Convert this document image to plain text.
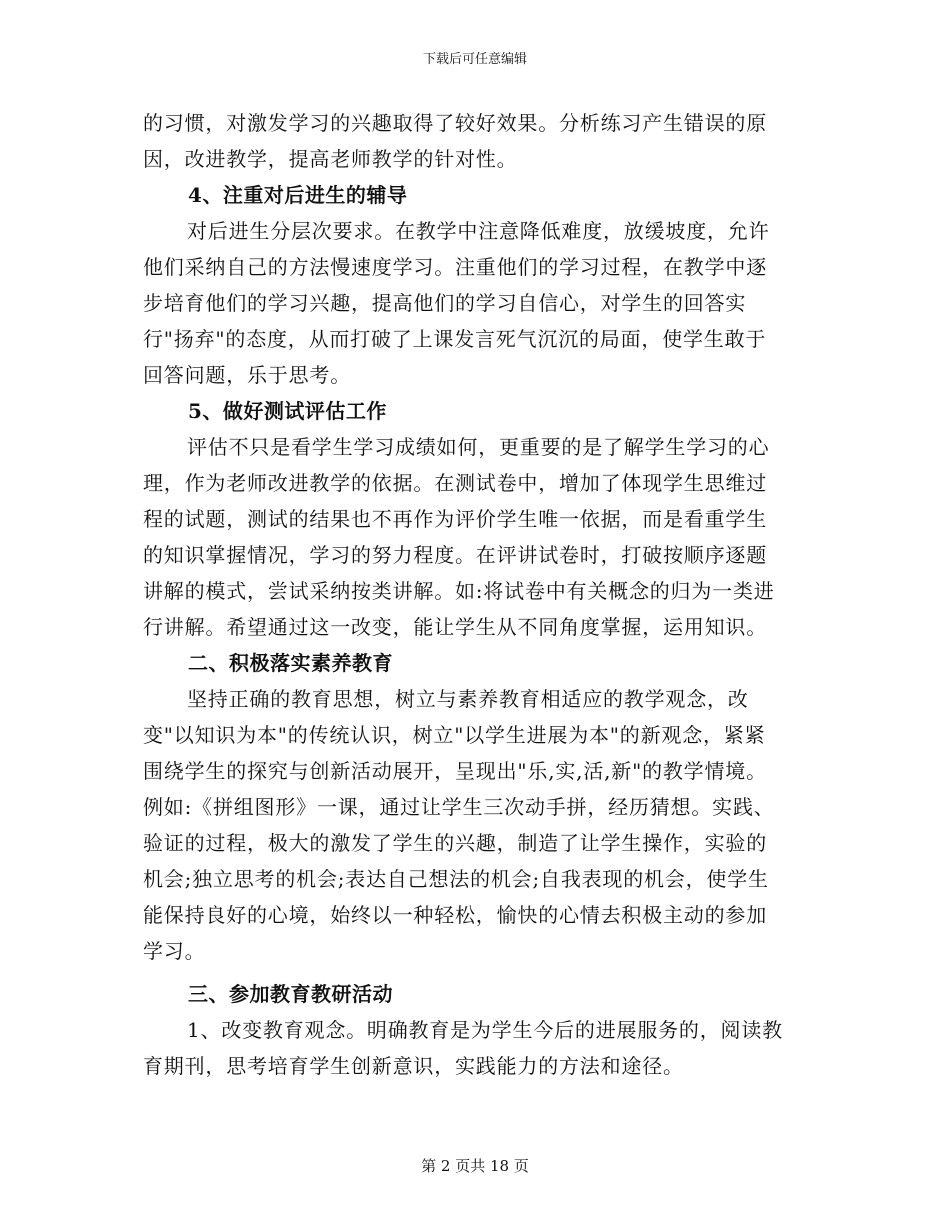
下载后可任意编辑
的习惯，对激发学习的兴趣取得了较好效果。分析练习产生错误的原
因，改进教学，提高老师教学的针对性。
4、注重对后进生的辅导
对后进生分层次要求。在教学中注意降低难度，放缓坡度，允许
他们采纳自己的方法慢速度学习。注重他们的学习过程，在教学中逐
步培育他们的学习兴趣，提高他们的学习自信心，对学生的回答实
行"扬弃"的态度，从而打破了上课发言死气沉沉的局面，使学生敢于
回答问题，乐于思考。
5、做好测试评估工作
评估不只是看学生学习成绩如何，更重要的是了解学生学习的心
理，作为老师改进教学的依据。在测试卷中，增加了体现学生思维过
程的试题，测试的结果也不再作为评价学生唯一依据，而是看重学生
的知识掌握情况，学习的努力程度。在评讲试卷时，打破按顺序逐题
讲解的模式，尝试采纳按类讲解。如:将试卷中有关概念的归为一类进
行讲解。希望通过这一改变，能让学生从不同角度掌握，运用知识。
二、积极落实素养教育
坚持正确的教育思想，树立与素养教育相适应的教学观念，改
变"以知识为本"的传统认识，树立"以学生进展为本"的新观念，紧紧
围绕学生的探究与创新活动展开，呈现出"乐,实,活,新"的教学情境。
例如:《拼组图形》一课，通过让学生三次动手拼，经历猜想。实践、
验证的过程，极大的激发了学生的兴趣，制造了让学生操作，实验的
机会;独立思考的机会;表达自己想法的机会;自我表现的机会，使学生
能保持良好的心境，始终以一种轻松，愉快的心情去积极主动的参加
学习。
三、参加教育教研活动
1、改变教育观念。明确教育是为学生今后的进展服务的，阅读教
育期刊，思考培育学生创新意识，实践能力的方法和途径。
第 2 页共 18 页
